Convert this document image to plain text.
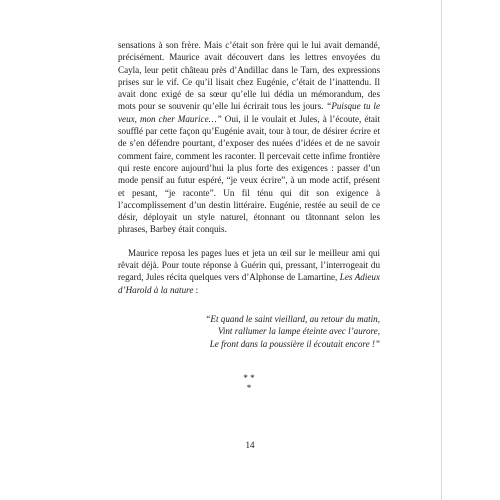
sensations à son frère. Mais c’était son frère qui le lui avait demandé, précisément. Maurice avait découvert dans les lettres envoyées du Cayla, leur petit château près d’Andillac dans le Tarn, des expressions prises sur le vif. Ce qu’il lisait chez Eugénie, c’était de l’inattendu. Il avait donc exigé de sa sœur qu’elle lui dédia un mémorandum, des mots pour se souvenir qu’elle lui écrirait tous les jours. “Puisque tu le veux, mon cher Maurice…” Oui, il le voulait et Jules, à l’écoute, était soufflé par cette façon qu’Eugénie avait, tour à tour, de désirer écrire et de s’en défendre pourtant, d’exposer des nuées d’idées et de ne savoir comment faire, comment les raconter. Il percevait cette infime frontière qui reste encore aujourd’hui la plus forte des exigences : passer d’un mode pensif au futur espéré, “je veux écrire”, à un mode actif, présent et pesant, “je raconte”. Un fil ténu qui dit son exigence à l’accomplissement d’un destin littéraire. Eugénie, restée au seuil de ce désir, déployait un style naturel, étonnant ou tâtonnant selon les phrases, Barbey était conquis.

Maurice reposa les pages lues et jeta un œil sur le meilleur ami qui rêvait déjà. Pour toute réponse à Guérin qui, pressant, l’interrogeait du regard, Jules récita quelques vers d’Alphonse de Lamartine, Les Adieux d’Harold à la nature :

“Et quand le saint vieillard, au retour du matin,
Vint rallumer la lampe éteinte avec l’aurore,
Le front dans la poussière il écoutait encore !”
* *
*
14
